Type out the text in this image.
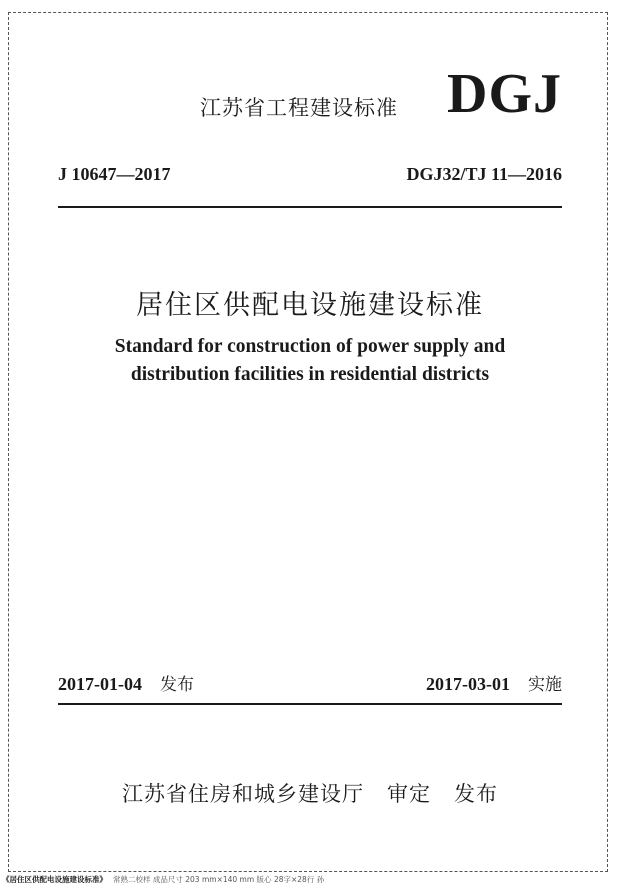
江苏省工程建设标准 DGJ
J 10647—2017	DGJ32/TJ 11—2016
居住区供配电设施建设标准
Standard for construction of power supply and
distribution facilities in residential districts
2017-01-04 发布	2017-03-01 实施
江苏省住房和城乡建设厅   审定   发布
《居住区供配电设施建设标准》 常熟二校样 成品尺寸 203 mm×140 mm 版心 28字×28行 孙
